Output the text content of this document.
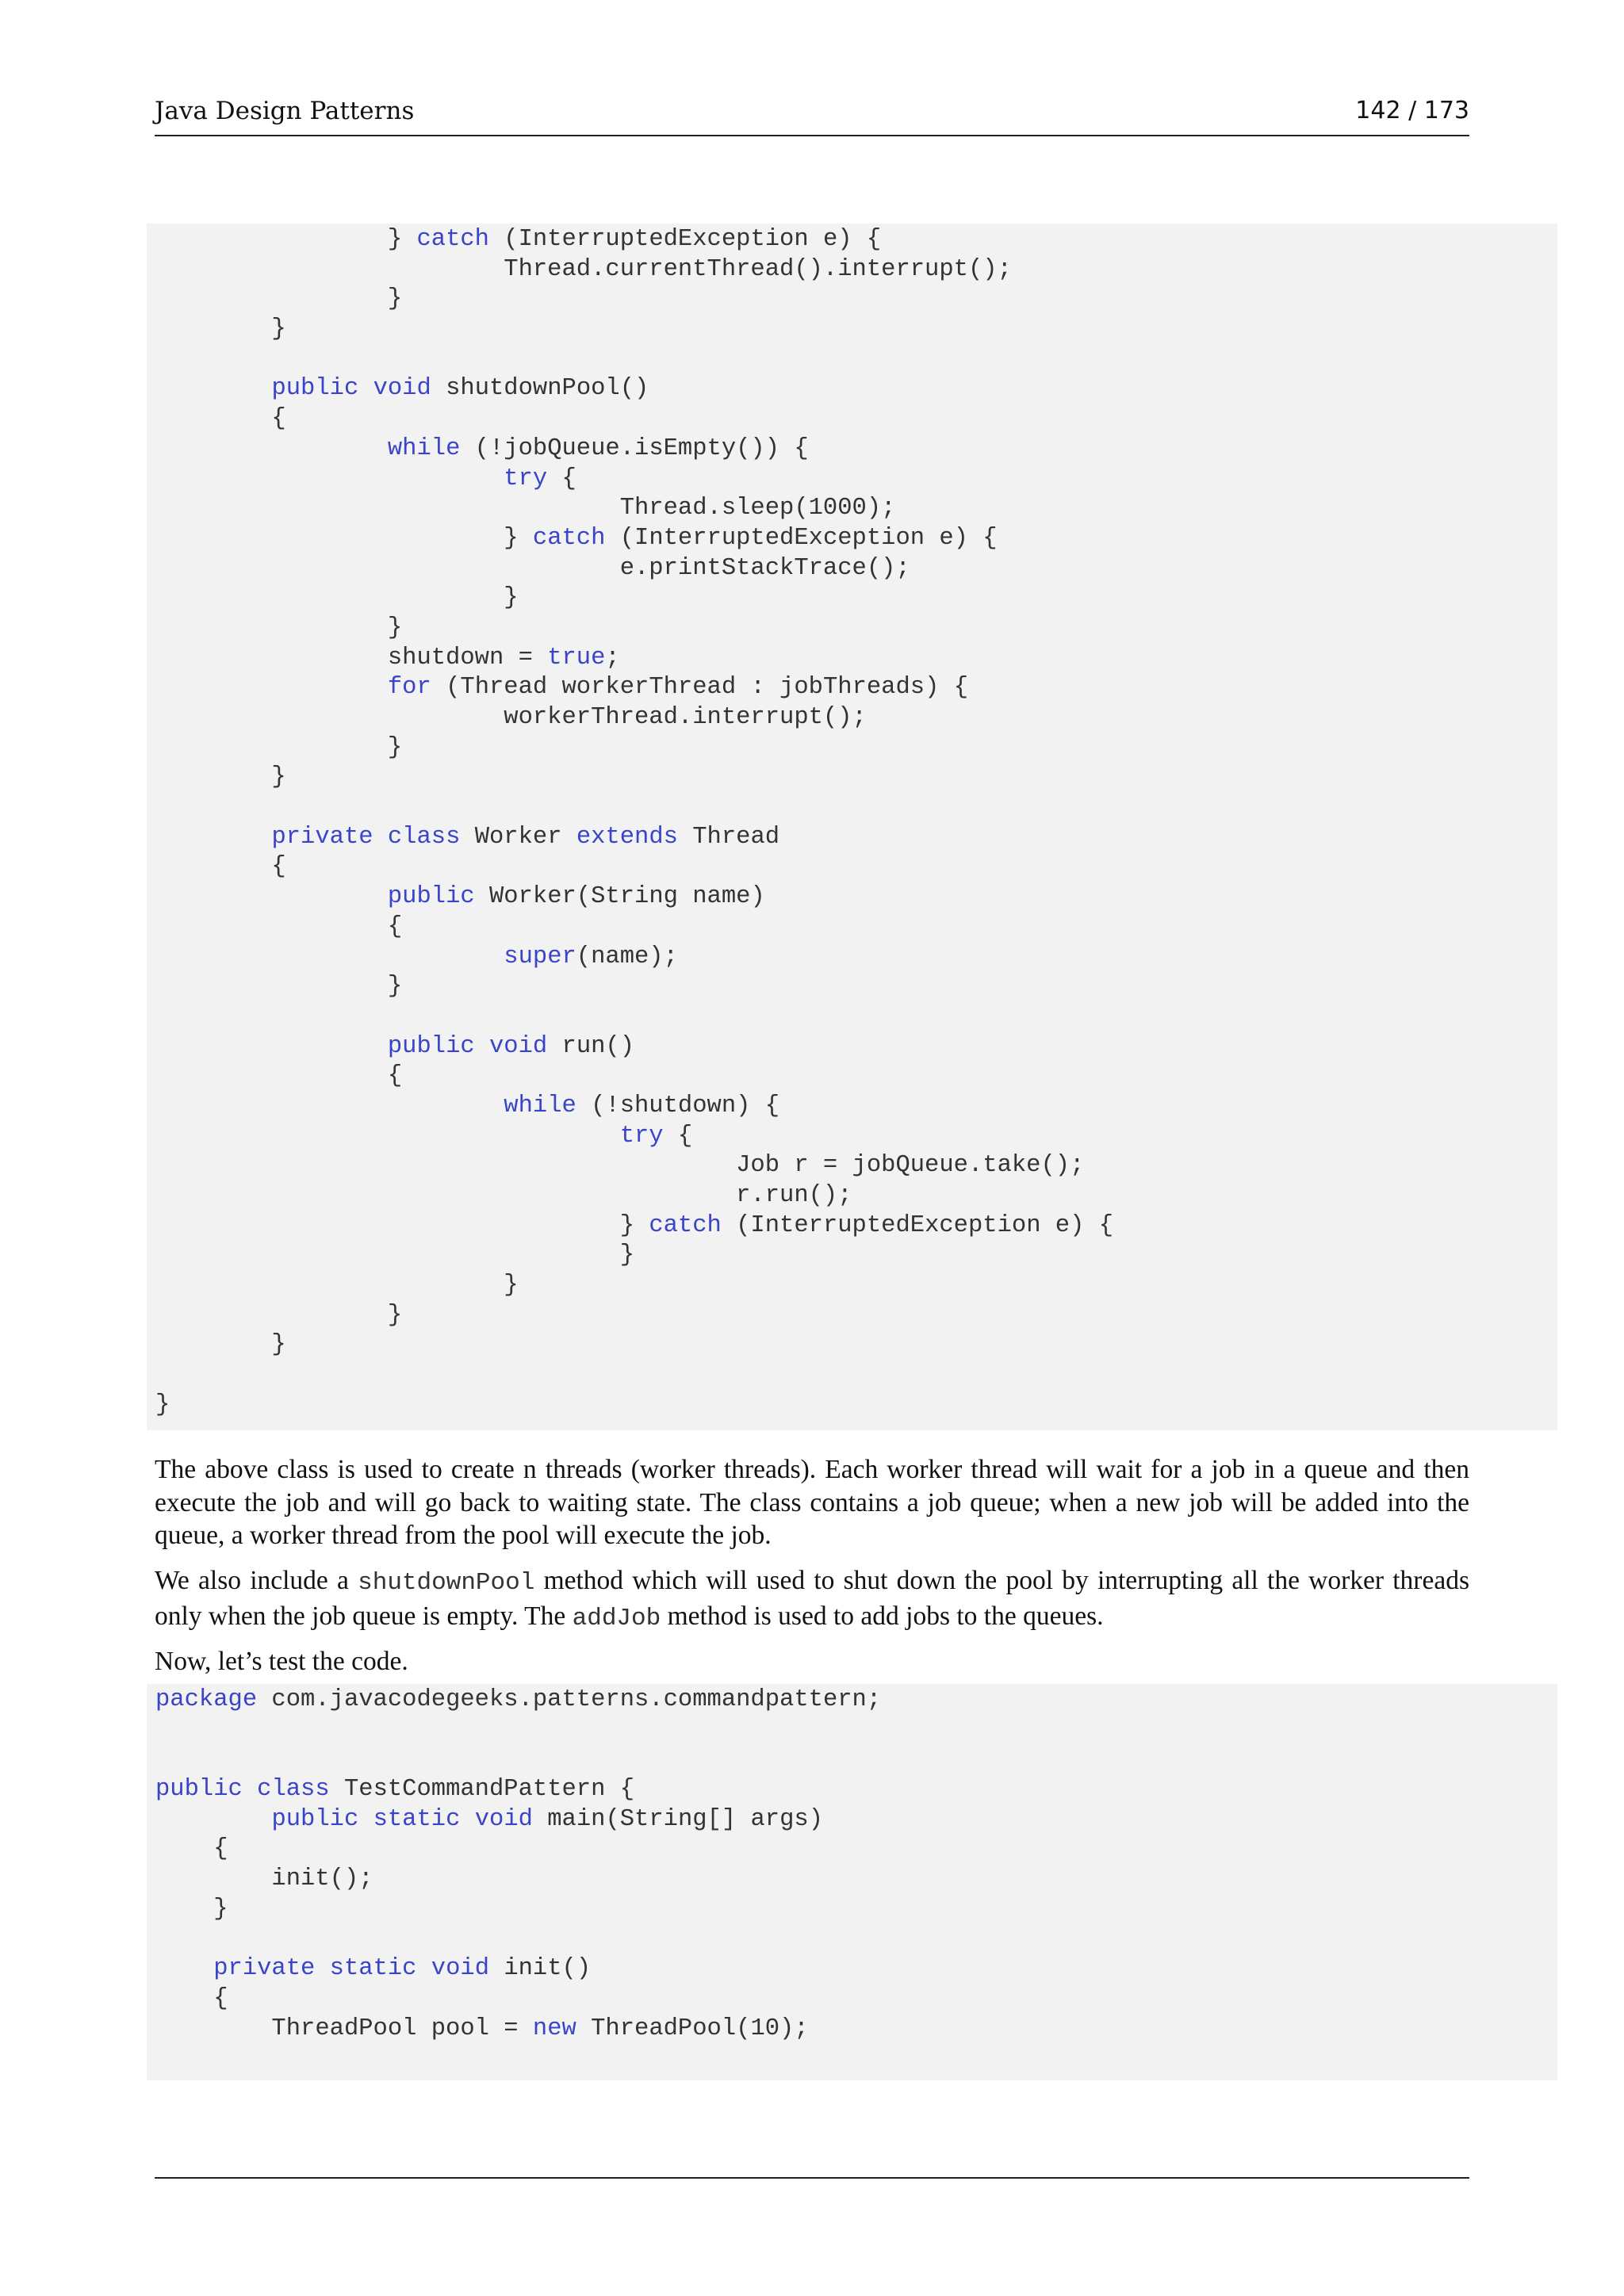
Java Design Patterns	142 / 173
} catch (InterruptedException e) {
Thread.currentThread().interrupt();
}
}
public void shutdownPool()
{
while (!jobQueue.isEmpty()) {
try {
Thread.sleep(1000);
} catch (InterruptedException e) {
e.printStackTrace();
}
}
shutdown = true;
for (Thread workerThread : jobThreads) {
workerThread.interrupt();
}
}
private class Worker extends Thread
{
public Worker(String name)
{
super(name);
}
public void run()
{
while (!shutdown) {
try {
Job r = jobQueue.take();
r.run();
} catch (InterruptedException e) {
}
}
}
}
}

The above class is used to create n threads (worker threads). Each worker thread will wait for a job in a queue and then execute the job and will go back to waiting state. The class contains a job queue; when a new job will be added into the queue, a worker thread from the pool will execute the job.

We also include a shutdownPool method which will used to shut down the pool by interrupting all the worker threads only when the job queue is empty. The addJob method is used to add jobs to the queues.

Now, let’s test the code.

package com.javacodegeeks.patterns.commandpattern;
public class TestCommandPattern {
public static void main(String[] args)
{
init();
}
private static void init()
{
ThreadPool pool = new ThreadPool(10);
